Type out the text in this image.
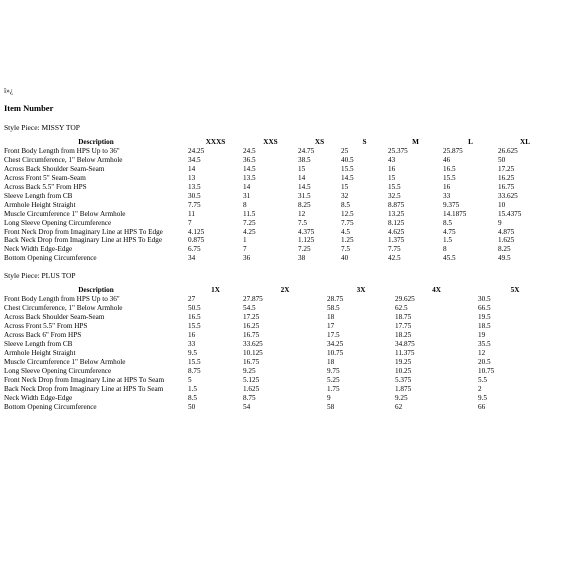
ï»¿
Item Number
Style Piece: MISSY TOP
Description	XXXS	XXS	XS	S	M	L	XL
Front Body Length from HPS Up to 36"	24.25	24.5	24.75	25	25.375	25.875	26.625
Chest Circumference, 1" Below Armhole	34.5	36.5	38.5	40.5	43	46	50
Across Back Shoulder Seam-Seam	14	14.5	15	15.5	16	16.5	17.25
Across Front 5" Seam-Seam	13	13.5	14	14.5	15	15.5	16.25
Across Back 5.5" From HPS	13.5	14	14.5	15	15.5	16	16.75
Sleeve Length from CB	30.5	31	31.5	32	32.5	33	33.625
Armhole Height Straight	7.75	8	8.25	8.5	8.875	9.375	10
Muscle Circumference 1" Below Armhole	11	11.5	12	12.5	13.25	14.1875	15.4375
Long Sleeve Opening Circumference	7	7.25	7.5	7.75	8.125	8.5	9
Front Neck Drop from Imaginary Line at HPS To Edge	4.125	4.25	4.375	4.5	4.625	4.75	4.875
Back Neck Drop from Imaginary Line at HPS To Edge	0.875	1	1.125	1.25	1.375	1.5	1.625
Neck Width Edge-Edge	6.75	7	7.25	7.5	7.75	8	8.25
Bottom Opening Circumference	34	36	38	40	42.5	45.5	49.5
Style Piece: PLUS TOP
Description	1X	2X	3X	4X	5X
Front Body Length from HPS Up to 36"	27	27.875	28.75	29.625	30.5
Chest Circumference, 1" Below Armhole	50.5	54.5	58.5	62.5	66.5
Across Back Shoulder Seam-Seam	16.5	17.25	18	18.75	19.5
Across Front 5.5" From HPS	15.5	16.25	17	17.75	18.5
Across Back 6" From HPS	16	16.75	17.5	18.25	19
Sleeve Length from CB	33	33.625	34.25	34.875	35.5
Armhole Height Straight	9.5	10.125	10.75	11.375	12
Muscle Circumference 1" Below Armhole	15.5	16.75	18	19.25	20.5
Long Sleeve Opening Circumference	8.75	9.25	9.75	10.25	10.75
Front Neck Drop from Imaginary Line at HPS To Seam	5	5.125	5.25	5.375	5.5
Back Neck Drop from Imaginary Line at HPS To Seam	1.5	1.625	1.75	1.875	2
Neck Width Edge-Edge	8.5	8.75	9	9.25	9.5
Bottom Opening Circumference	50	54	58	62	66
